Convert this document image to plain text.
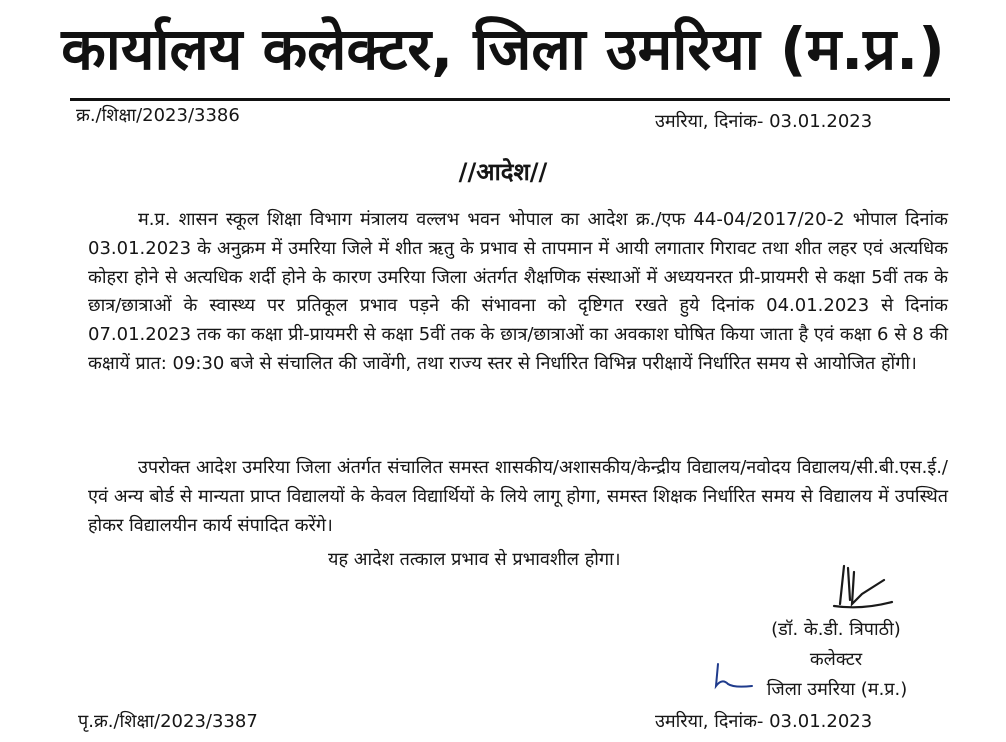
कार्यालय कलेक्टर, जिला उमरिया (म.प्र.)
क्र./शिक्षा/2023/3386	उमरिया, दिनांक- 03.01.2023
//आदेश//

म.प्र. शासन स्कूल शिक्षा विभाग मंत्रालय वल्लभ भवन भोपाल का आदेश क्र./एफ 44-04/2017/20-2 भोपाल दिनांक 03.01.2023 के अनुक्रम में उमरिया जिले में शीत ऋतु के प्रभाव से तापमान में आयी लगातार गिरावट तथा शीत लहर एवं अत्यधिक कोहरा होने से अत्यधिक शर्दी होने के कारण उमरिया जिला अंतर्गत शैक्षणिक संस्थाओं में अध्ययनरत प्री-प्रायमरी से कक्षा 5वीं तक के छात्र/छात्राओं के स्वास्थ्य पर प्रतिकूल प्रभाव पड़ने की संभावना को दृष्टिगत रखते हुये दिनांक 04.01.2023 से दिनांक 07.01.2023 तक का कक्षा प्री-प्रायमरी से कक्षा 5वीं तक के छात्र/छात्राओं का अवकाश घोषित किया जाता है एवं कक्षा 6 से 8 की कक्षायें प्रात: 09:30 बजे से संचालित की जावेंगी, तथा राज्य स्तर से निर्धारित विभिन्न परीक्षायें निर्धारित समय से आयोजित होंगी।

उपरोक्त आदेश उमरिया जिला अंतर्गत संचालित समस्त शासकीय/अशासकीय/केन्द्रीय विद्यालय/नवोदय विद्यालय/सी.बी.एस.ई./एवं अन्य बोर्ड से मान्यता प्राप्त विद्यालयों के केवल विद्यार्थियों के लिये लागू होगा, समस्त शिक्षक निर्धारित समय से विद्यालय में उपस्थित होकर विद्यालयीन कार्य संपादित करेंगे।

यह आदेश तत्काल प्रभाव से प्रभावशील होगा।
(डॉ. के.डी. त्रिपाठी)
कलेक्टर
जिला उमरिया (म.प्र.)
पृ.क्र./शिक्षा/2023/3387	उमरिया, दिनांक- 03.01.2023
